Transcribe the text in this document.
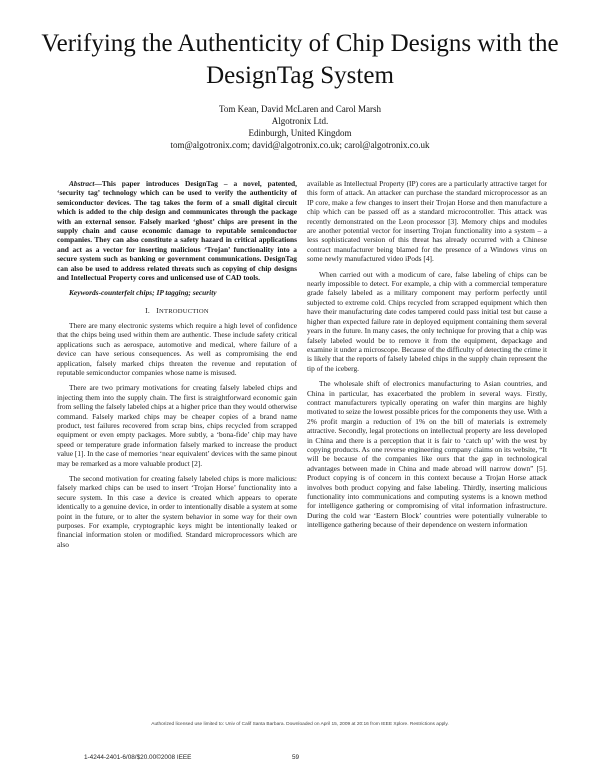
Verifying the Authenticity of Chip Designs with the DesignTag System
Tom Kean, David McLaren and Carol Marsh
Algotronix Ltd.
Edinburgh, United Kingdom
tom@algotronix.com; david@algotronix.co.uk; carol@algotronix.co.uk

Abstract—This paper introduces DesignTag – a novel, patented, ‘security tag’ technology which can be used to verify the authenticity of semiconductor devices. The tag takes the form of a small digital circuit which is added to the chip design and communicates through the package with an external sensor. Falsely marked ‘ghost’ chips are present in the supply chain and cause economic damage to reputable semiconductor companies. They can also constitute a safety hazard in critical applications and act as a vector for inserting malicious ‘Trojan’ functionality into a secure system such as banking or government communications. DesignTag can also be used to address related threats such as copying of chip designs and Intellectual Property cores and unlicensed use of CAD tools.

Keywords-counterfeit chips; IP tagging; security

I. INTRODUCTION

There are many electronic systems which require a high level of confidence that the chips being used within them are authentic. These include safety critical applications such as aerospace, automotive and medical, where failure of a device can have serious consequences. As well as compromising the end application, falsely marked chips threaten the revenue and reputation of reputable semiconductor companies whose name is misused.

There are two primary motivations for creating falsely labeled chips and injecting them into the supply chain. The first is straightforward economic gain from selling the falsely labeled chips at a higher price than they would otherwise command. Falsely marked chips may be cheaper copies of a brand name product, test failures recovered from scrap bins, chips recycled from scrapped equipment or even empty packages. More subtly, a ‘bona-fide’ chip may have speed or temperature grade information falsely marked to increase the product value [1]. In the case of memories ‘near equivalent’ devices with the same pinout may be remarked as a more valuable product [2].

The second motivation for creating falsely labeled chips is more malicious: falsely marked chips can be used to insert ‘Trojan Horse’ functionality into a secure system. In this case a device is created which appears to operate identically to a genuine device, in order to intentionally disable a system at some point in the future, or to alter the system behavior in some way for their own purposes. For example, cryptographic keys might be intentionally leaked or financial information stolen or modified. Standard microprocessors which are also

available as Intellectual Property (IP) cores are a particularly attractive target for this form of attack. An attacker can purchase the standard microprocessor as an IP core, make a few changes to insert their Trojan Horse and then manufacture a chip which can be passed off as a standard microcontroller. This attack was recently demonstrated on the Leon processor [3]. Memory chips and modules are another potential vector for inserting Trojan functionality into a system – a less sophisticated version of this threat has already occurred with a Chinese contract manufacturer being blamed for the presence of a Windows virus on some newly manufactured video iPods [4].

When carried out with a modicum of care, false labeling of chips can be nearly impossible to detect. For example, a chip with a commercial temperature grade falsely labeled as a military component may perform perfectly until subjected to extreme cold. Chips recycled from scrapped equipment which then have their manufacturing date codes tampered could pass initial test but cause a higher than expected failure rate in deployed equipment containing them several years in the future. In many cases, the only technique for proving that a chip was falsely labeled would be to remove it from the equipment, depackage and examine it under a microscope. Because of the difficulty of detecting the crime it is likely that the reports of falsely labeled chips in the supply chain represent the tip of the iceberg.

The wholesale shift of electronics manufacturing to Asian countries, and China in particular, has exacerbated the problem in several ways. Firstly, contract manufacturers typically operating on wafer thin margins are highly motivated to seize the lowest possible prices for the components they use. With a 2% profit margin a reduction of 1% on the bill of materials is extremely attractive. Secondly, legal protections on intellectual property are less developed in China and there is a perception that it is fair to ‘catch up’ with the west by copying products. As one reverse engineering company claims on its website, “It will be because of the companies like ours that the gap in technological advantages between made in China and made abroad will narrow down” [5]. Product copying is of concern in this context because a Trojan Horse attack involves both product copying and false labeling. Thirdly, inserting malicious functionality into communications and computing systems is a known method for intelligence gathering or compromising of vital information infrastructure. During the cold war ‘Eastern Block’ countries were potentially vulnerable to intelligence gathering because of their dependence on western information

Authorized licensed use limited to: Univ of Calif Santa Barbara. Downloaded on April 15, 2009 at 20:16 from IEEE Xplore. Restrictions apply.
1-4244-2401-6/08/$20.00©2008 IEEE	59
